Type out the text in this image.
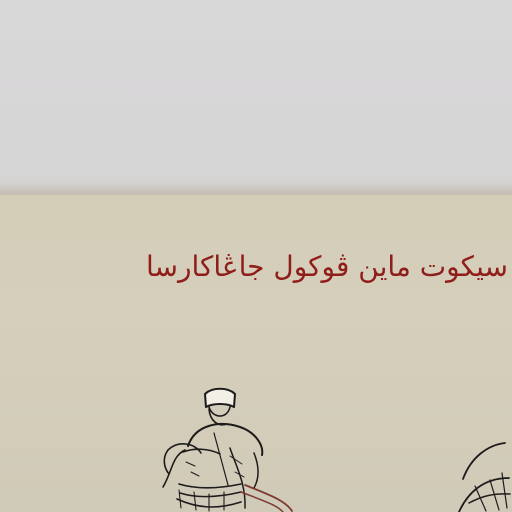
سيكوت ماين ڤوكول جاڠاكارسا
